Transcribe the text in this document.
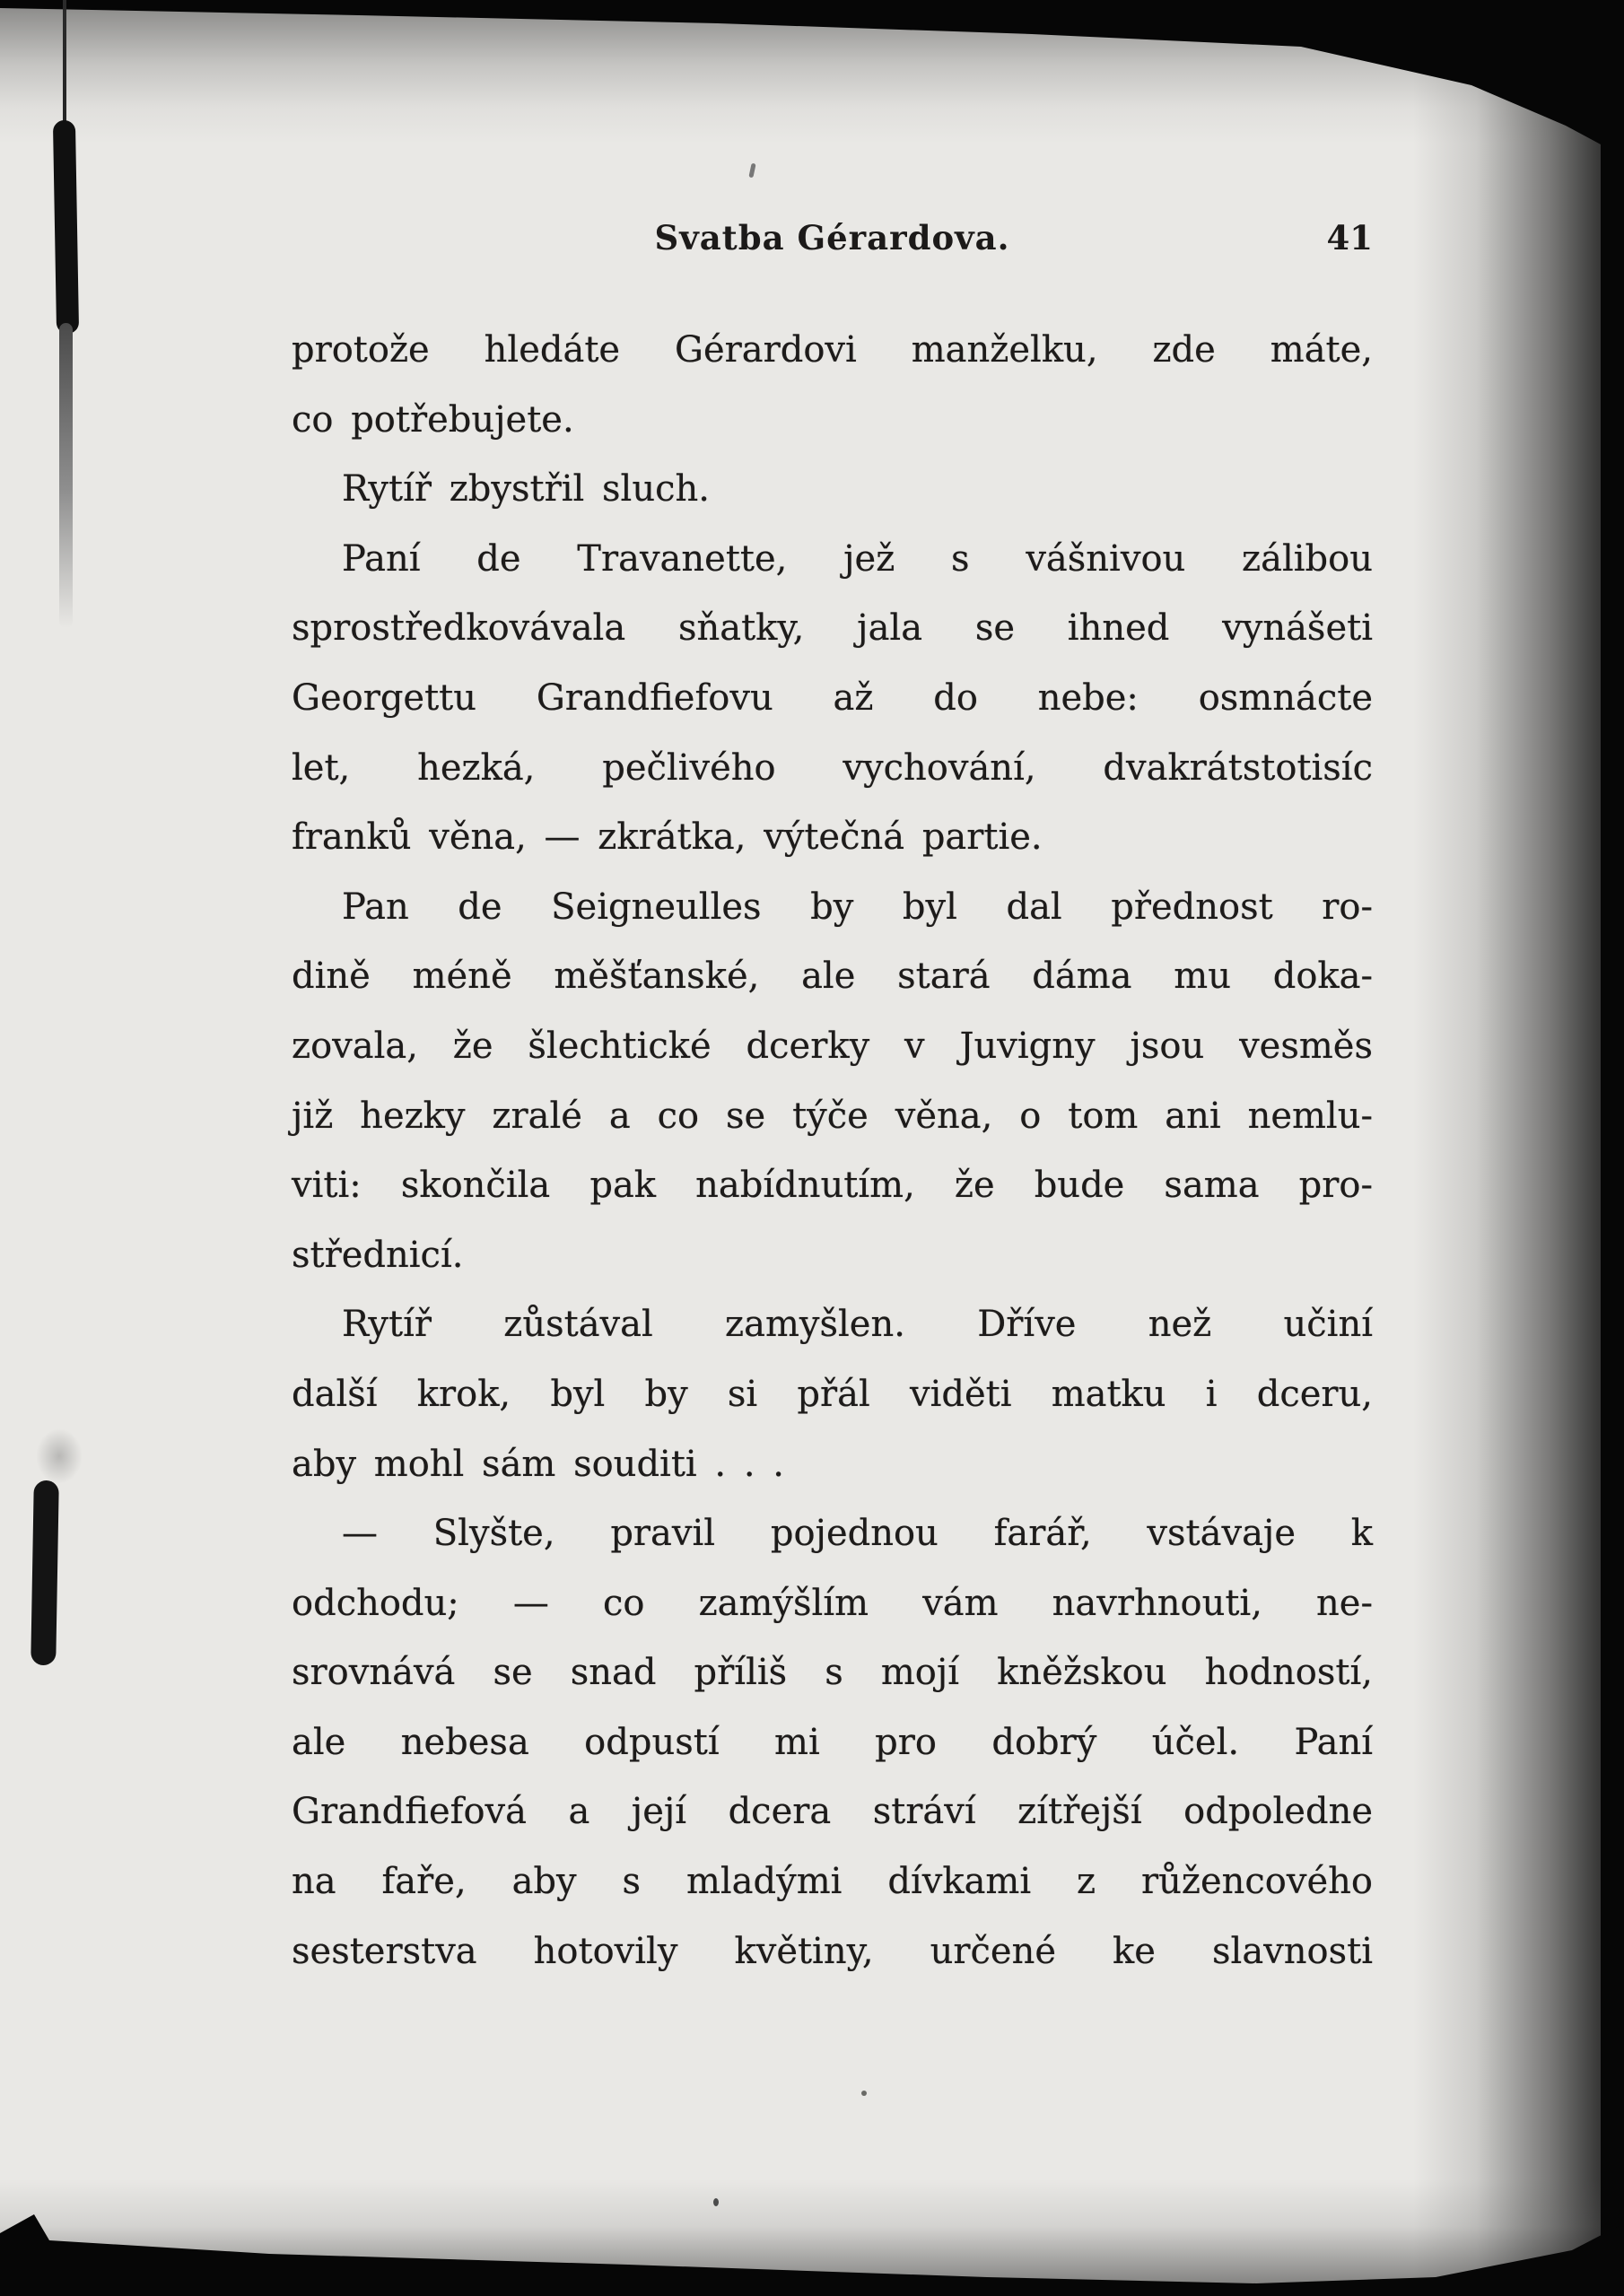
Svatba Gérardova.	41
protože hledáte Gérardovi manželku, zde máte,
co potřebujete.
Rytíř zbystřil sluch.
Paní de Travanette, jež s vášnivou zálibou
sprostředkovávala sňatky, jala se ihned vynášeti
Georgettu Grandfiefovu až do nebe: osmnácte
let, hezká, pečlivého vychování, dvakrátstotisíc
franků věna, — zkrátka, výtečná partie.
Pan de Seigneulles by byl dal přednost ro-
dině méně měšťanské, ale stará dáma mu doka-
zovala, že šlechtické dcerky v Juvigny jsou vesměs
již hezky zralé a co se týče věna, o tom ani nemlu-
viti: skončila pak nabídnutím, že bude sama pro-
střednicí.
Rytíř zůstával zamyšlen. Dříve než učiní
další krok, byl by si přál viděti matku i dceru,
aby mohl sám souditi . . .
— Slyšte, pravil pojednou farář, vstávaje k
odchodu; — co zamýšlím vám navrhnouti, ne-
srovnává se snad příliš s mojí kněžskou hodností,
ale nebesa odpustí mi pro dobrý účel. Paní
Grandfiefová a její dcera stráví zítřejší odpoledne
na faře, aby s mladými dívkami z růžencového
sesterstva hotovily květiny, určené ke slavnosti
